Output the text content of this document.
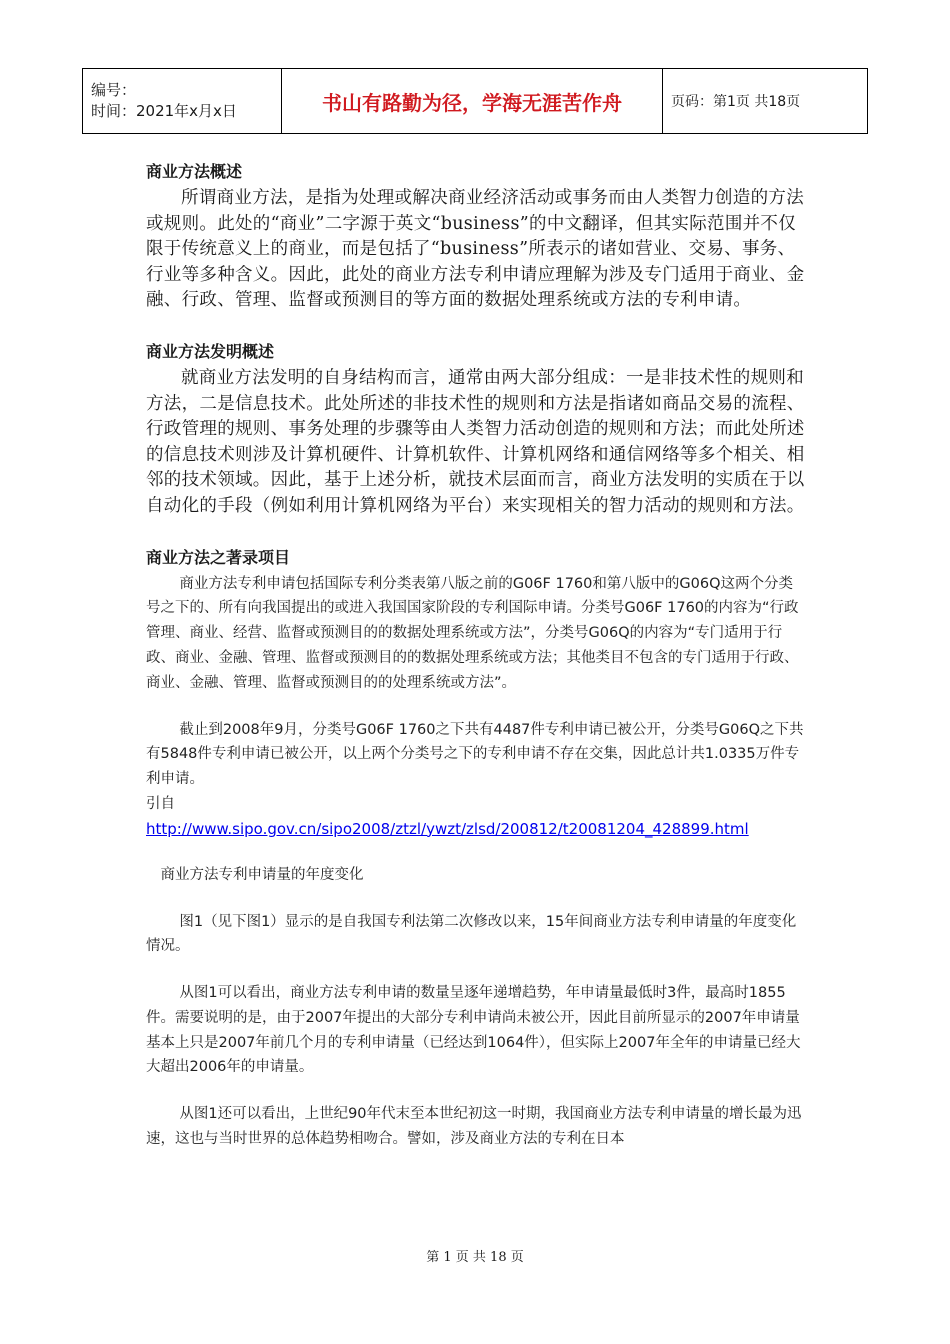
编号：
时间：2021年x月x日	书山有路勤为径，学海无涯苦作舟	页码：第1页 共18页
商业方法概述

所谓商业方法，是指为处理或解决商业经济活动或事务而由人类智力创造的方法或规则。此处的“商业”二字源于英文“business”的中文翻译，但其实际范围并不仅限于传统意义上的商业，而是包括了“business”所表示的诸如营业、交易、事务、行业等多种含义。因此，此处的商业方法专利申请应理解为涉及专门适用于商业、金融、行政、管理、监督或预测目的等方面的数据处理系统或方法的专利申请。

商业方法发明概述

就商业方法发明的自身结构而言，通常由两大部分组成：一是非技术性的规则和方法，二是信息技术。此处所述的非技术性的规则和方法是指诸如商品交易的流程、行政管理的规则、事务处理的步骤等由人类智力活动创造的规则和方法；而此处所述的信息技术则涉及计算机硬件、计算机软件、计算机网络和通信网络等多个相关、相邻的技术领域。因此，基于上述分析，就技术层面而言，商业方法发明的实质在于以自动化的手段（例如利用计算机网络为平台）来实现相关的智力活动的规则和方法。

商业方法之著录项目

商业方法专利申请包括国际专利分类表第八版之前的G06F 1760和第八版中的G06Q这两个分类号之下的、所有向我国提出的或进入我国国家阶段的专利国际申请。分类号G06F 1760的内容为“行政管理、商业、经营、监督或预测目的的数据处理系统或方法”，分类号G06Q的内容为“专门适用于行政、商业、金融、管理、监督或预测目的的数据处理系统或方法；其他类目不包含的专门适用于行政、商业、金融、管理、监督或预测目的的处理系统或方法”。

截止到2008年9月，分类号G06F 1760之下共有4487件专利申请已被公开，分类号G06Q之下共有5848件专利申请已被公开，以上两个分类号之下的专利申请不存在交集，因此总计共1.0335万件专利申请。

引自
http://www.sipo.gov.cn/sipo2008/ztzl/ywzt/zlsd/200812/t20081204_428899.html

商业方法专利申请量的年度变化

图1（见下图1）显示的是自我国专利法第二次修改以来，15年间商业方法专利申请量的年度变化情况。

从图1可以看出，商业方法专利申请的数量呈逐年递增趋势，年申请量最低时3件，最高时1855件。需要说明的是，由于2007年提出的大部分专利申请尚未被公开，因此目前所显示的2007年申请量基本上只是2007年前几个月的专利申请量（已经达到1064件），但实际上2007年全年的申请量已经大大超出2006年的申请量。

从图1还可以看出，上世纪90年代末至本世纪初这一时期，我国商业方法专利申请量的增长最为迅速，这也与当时世界的总体趋势相吻合。譬如，涉及商业方法的专利在日本

第 1 页 共 18 页
